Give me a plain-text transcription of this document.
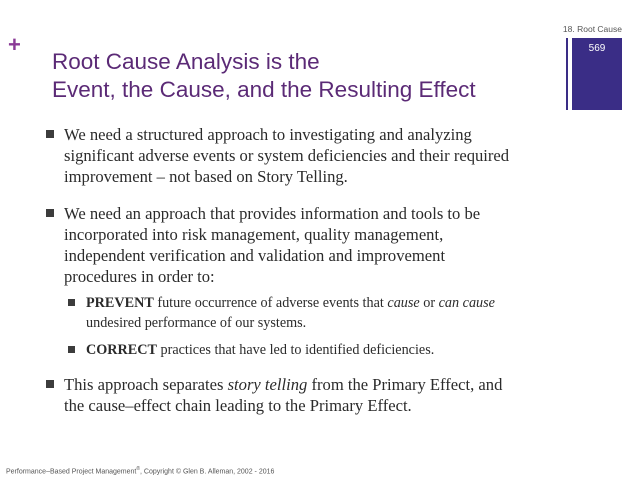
18. Root Cause
569
+
Root Cause Analysis is the
Event, the Cause, and the Resulting Effect
We need a structured approach to investigating and analyzing
significant adverse events or system deficiencies and their required
improvement – not based on Story Telling.
We need an approach that provides information and tools to be
incorporated into risk management, quality management,
independent verification and validation and improvement
procedures in order to:
PREVENT future occurrence of adverse events that cause or can cause
undesired performance of our systems.
CORRECT practices that have led to identified deficiencies.
This approach separates story telling from the Primary Effect, and
the cause–effect chain leading to the Primary Effect.
Performance–Based Project Management®, Copyright © Glen B. Alleman, 2002 - 2016
